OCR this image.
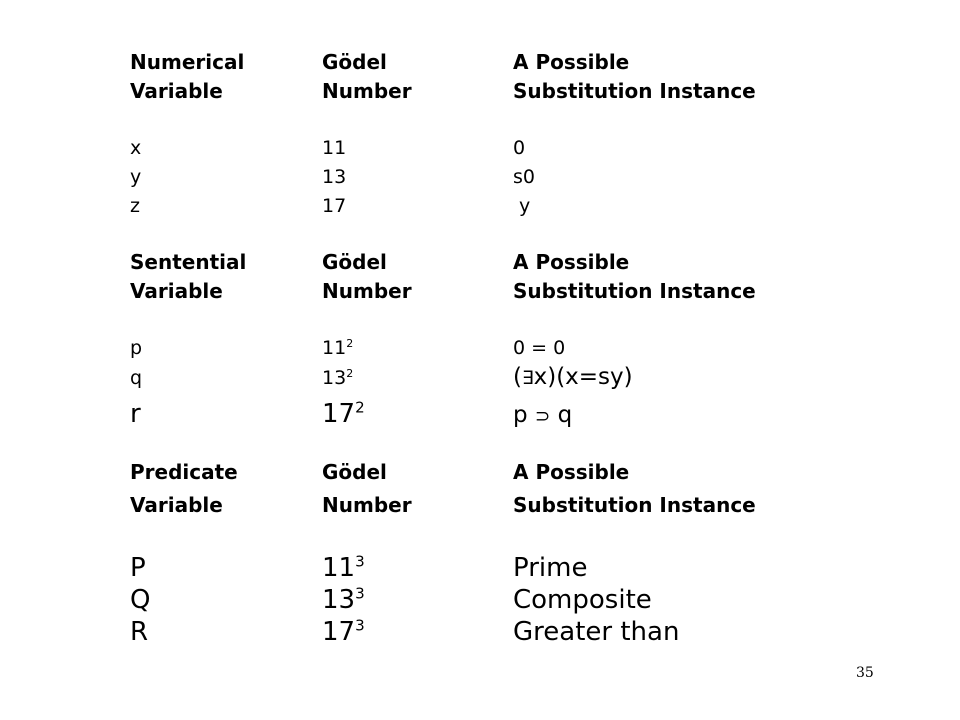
Numerical	Gödel	A Possible
Variable	Number	Substitution Instance
x	11	0
y	13	s0
z	17	y
Sentential	Gödel	A Possible
Variable	Number	Substitution Instance
p	$11^2$	0 = 0
q	$13^2$	(∃x)(x=sy)
r	$17^2$	p ⊃ q
Predicate	Gödel	A Possible
Variable	Number	Substitution Instance
P	$11^3$	Prime
Q	$13^3$	Composite
R	$17^3$	Greater than
35
